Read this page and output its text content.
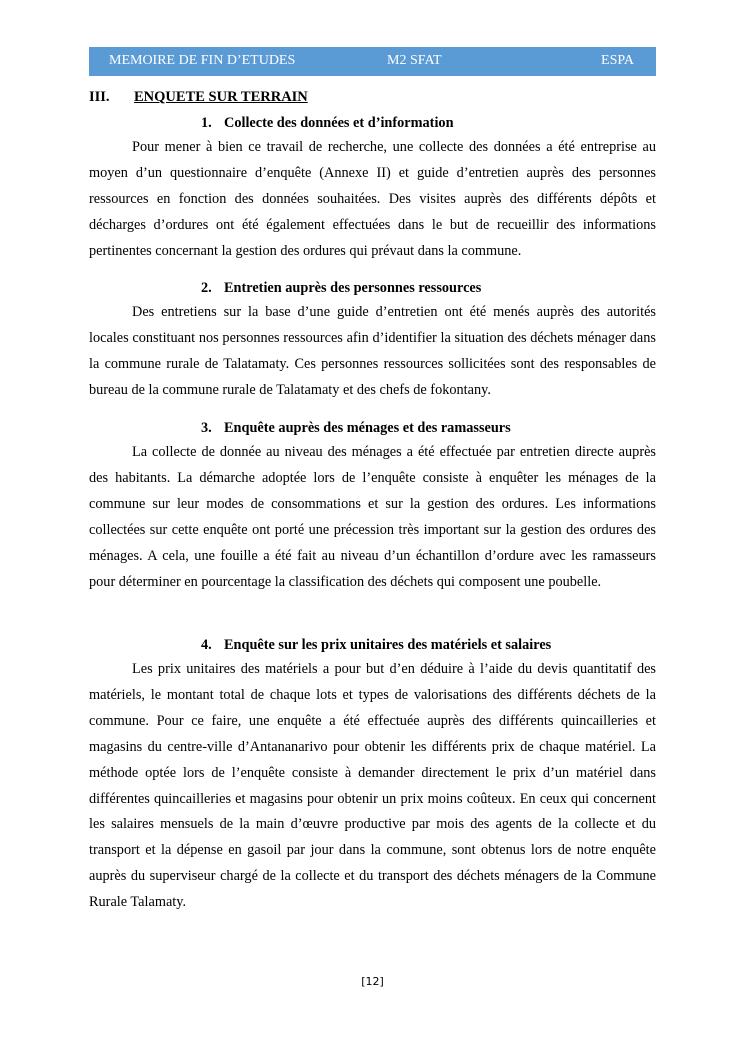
MEMOIRE DE FIN D’ETUDES	M2 SFAT	ESPA
III. ENQUETE SUR TERRAIN
1. Collecte des données et d’information

Pour mener à bien ce travail de recherche, une collecte des données a été entreprise au moyen d’un questionnaire d’enquête (Annexe II) et guide d’entretien auprès des personnes ressources en fonction des données souhaitées. Des visites auprès des différents dépôts et décharges d’ordures ont été également effectuées dans le but de recueillir des informations pertinentes concernant la gestion des ordures qui prévaut dans la commune.

2. Entretien auprès des personnes ressources

Des entretiens sur la base d’une guide d’entretien ont été menés auprès des autorités locales constituant nos personnes ressources afin d’identifier la situation des déchets ménager dans la commune rurale de Talatamaty. Ces personnes ressources sollicitées sont des responsables de bureau de la commune rurale de Talatamaty et des chefs de fokontany.

3. Enquête auprès des ménages et des ramasseurs

La collecte de donnée au niveau des ménages a été effectuée par entretien directe auprès des habitants. La démarche adoptée lors de l’enquête consiste à enquêter les ménages de la commune sur leur modes de consommations et sur la gestion des ordures. Les informations collectées sur cette enquête ont porté une précession très important sur la gestion des ordures des ménages. A cela, une fouille a été fait au niveau d’un échantillon d’ordure avec les ramasseurs pour déterminer en pourcentage la classification des déchets qui composent une poubelle.

4. Enquête sur les prix unitaires des matériels et salaires

Les prix unitaires des matériels a pour but d’en déduire à l’aide du devis quantitatif des matériels, le montant total de chaque lots et types de valorisations des différents déchets de la commune. Pour ce faire, une enquête a été effectuée auprès des différents quincailleries et magasins du centre-ville d’Antananarivo pour obtenir les différents prix de chaque matériel. La méthode optée lors de l’enquête consiste à demander directement le prix d’un matériel dans différentes quincailleries et magasins pour obtenir un prix moins coûteux. En ceux qui concernent les salaires mensuels de la main d’œuvre productive par mois des agents de la collecte et du transport et la dépense en gasoil par jour dans la commune, sont obtenus lors de notre enquête auprès du superviseur chargé de la collecte et du transport des déchets ménagers de la Commune Rurale Talamaty.

[12]
